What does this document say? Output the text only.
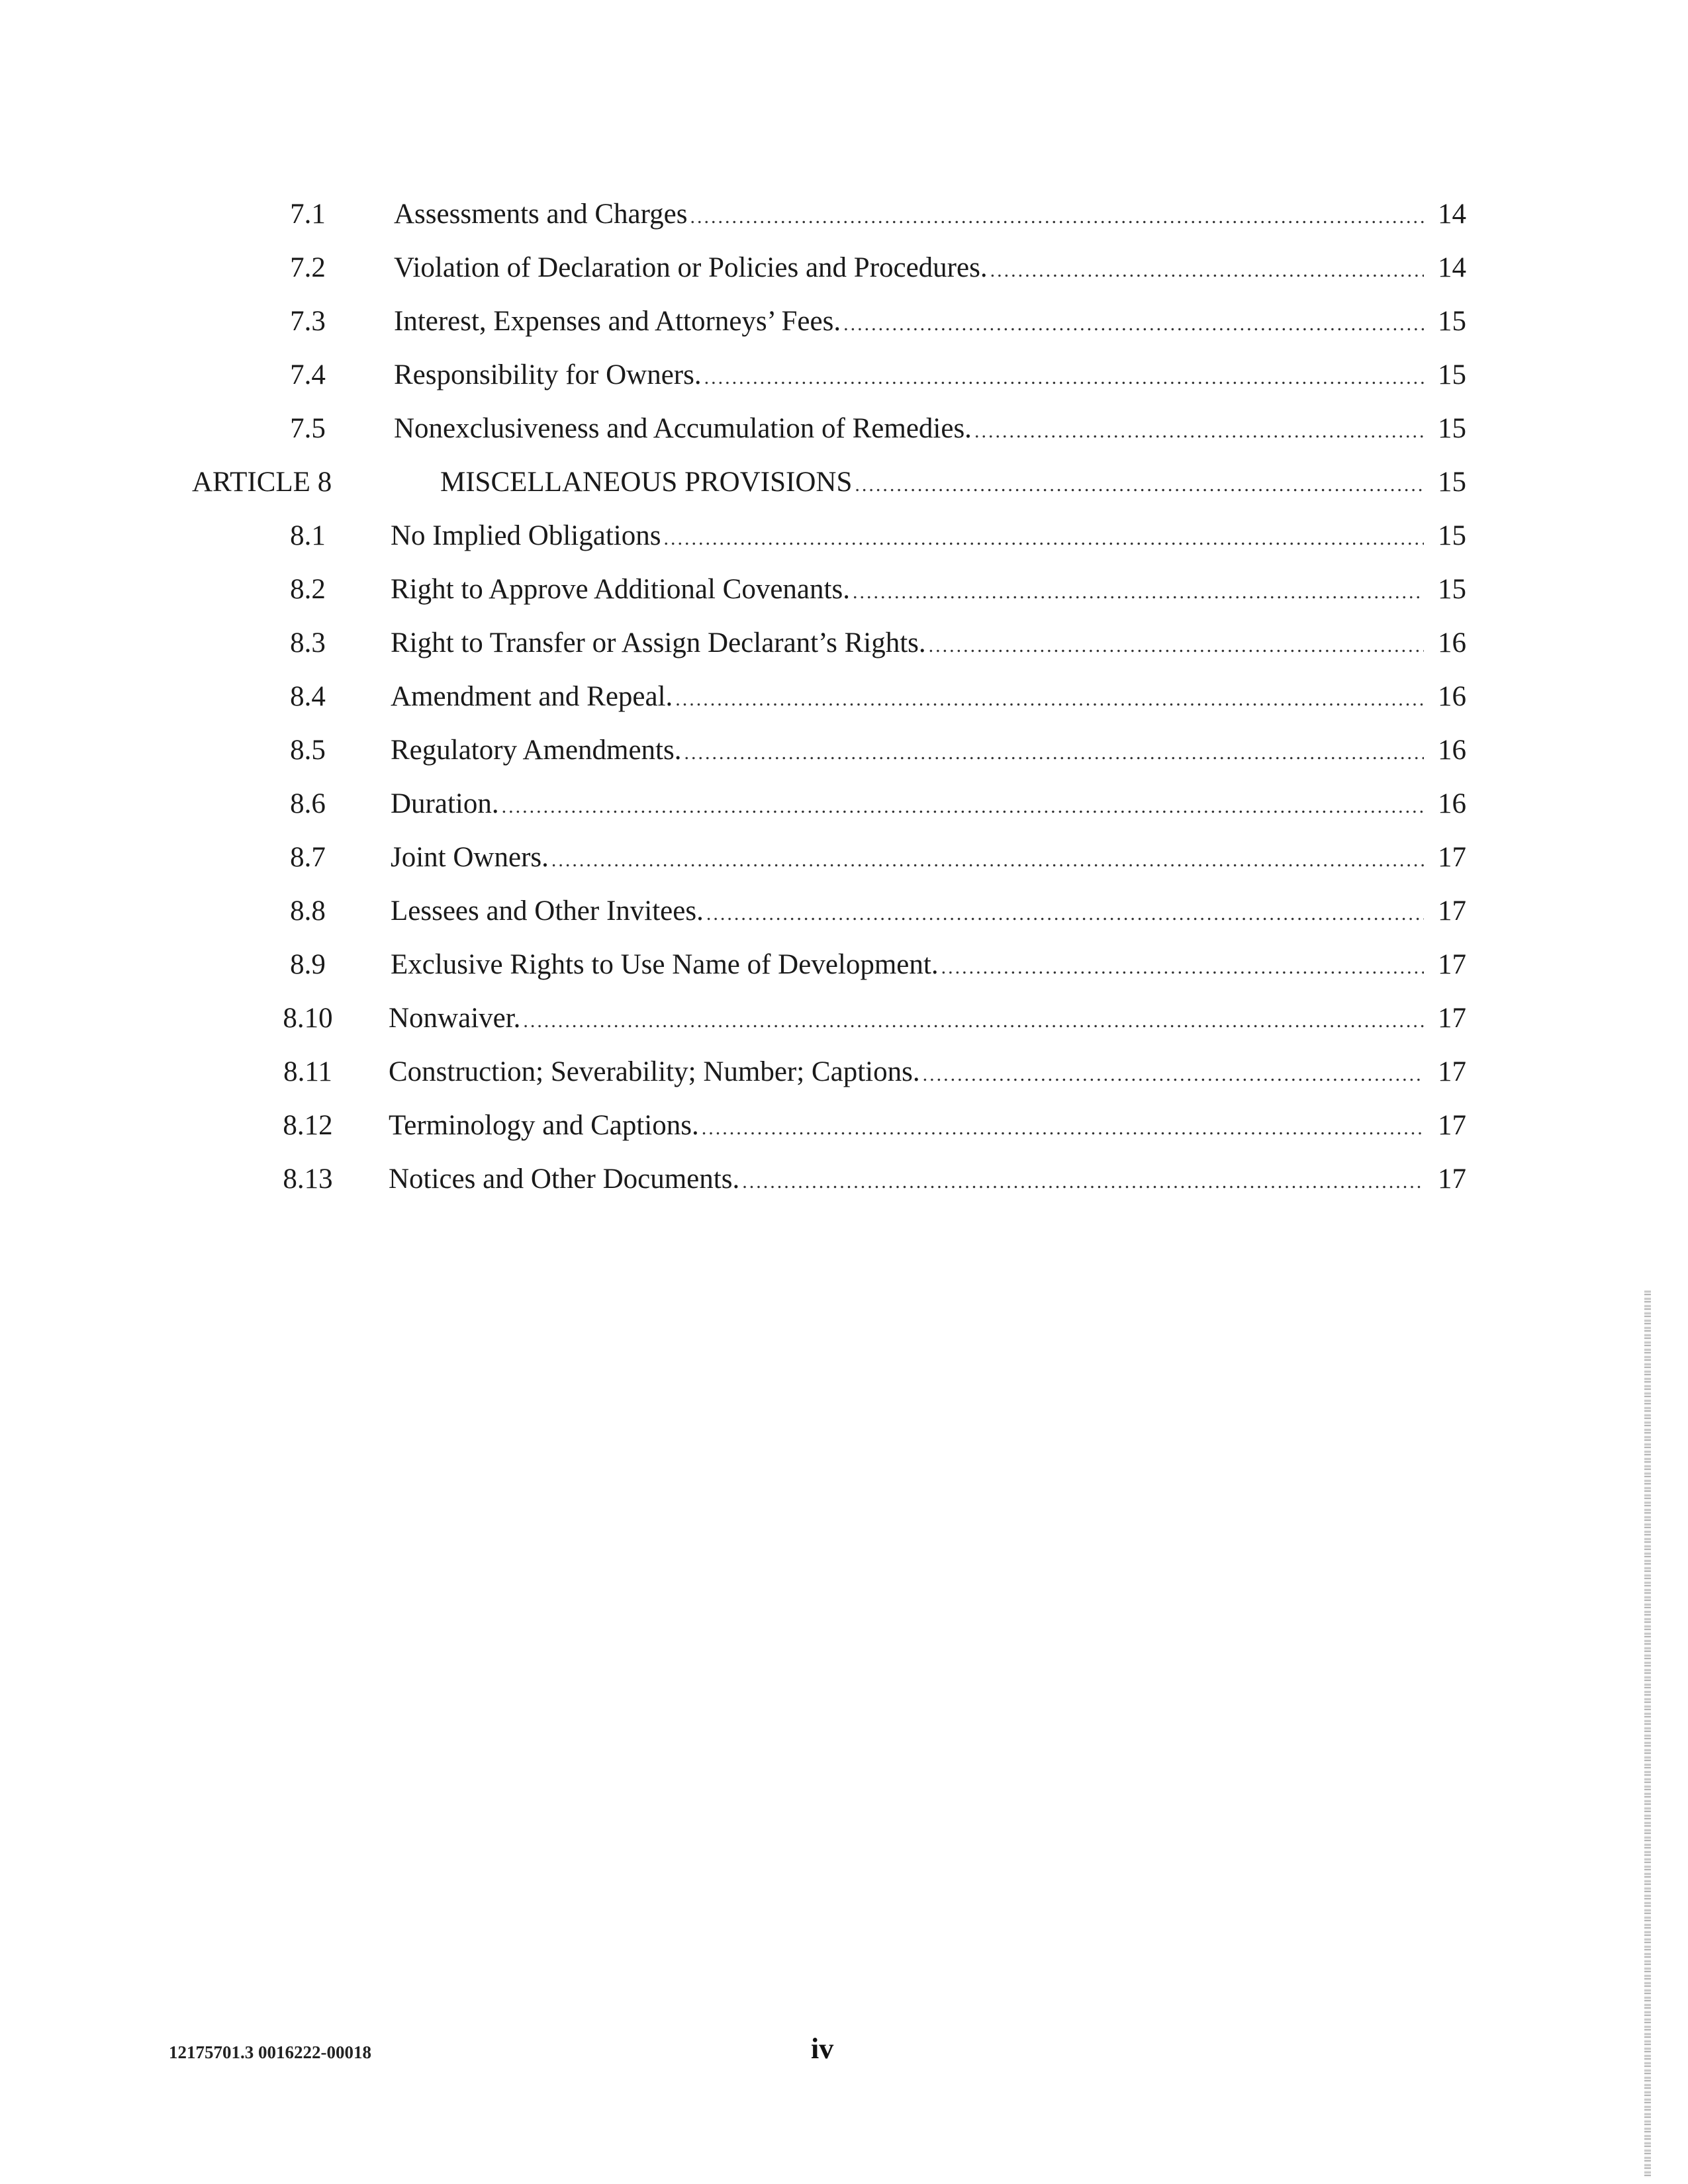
7.1	Assessments and Charges .....	14
7.2	Violation of Declaration or Policies and Procedures. .....	14
7.3	Interest, Expenses and Attorneys’ Fees. .....	15
7.4	Responsibility for Owners. .....	15
7.5	Nonexclusiveness and Accumulation of Remedies. .....	15
ARTICLE 8	MISCELLANEOUS PROVISIONS .....	15
8.1	No Implied Obligations .....	15
8.2	Right to Approve Additional Covenants. .....	15
8.3	Right to Transfer or Assign Declarant’s Rights. .....	16
8.4	Amendment and Repeal. .....	16
8.5	Regulatory Amendments. .....	16
8.6	Duration. .....	16
8.7	Joint Owners. .....	17
8.8	Lessees and Other Invitees. .....	17
8.9	Exclusive Rights to Use Name of Development. .....	17
8.10	Nonwaiver. .....	17
8.11	Construction; Severability; Number; Captions. .....	17
8.12	Terminology and Captions. .....	17
8.13	Notices and Other Documents. .....	17
12175701.3 0016222-00018	iv
